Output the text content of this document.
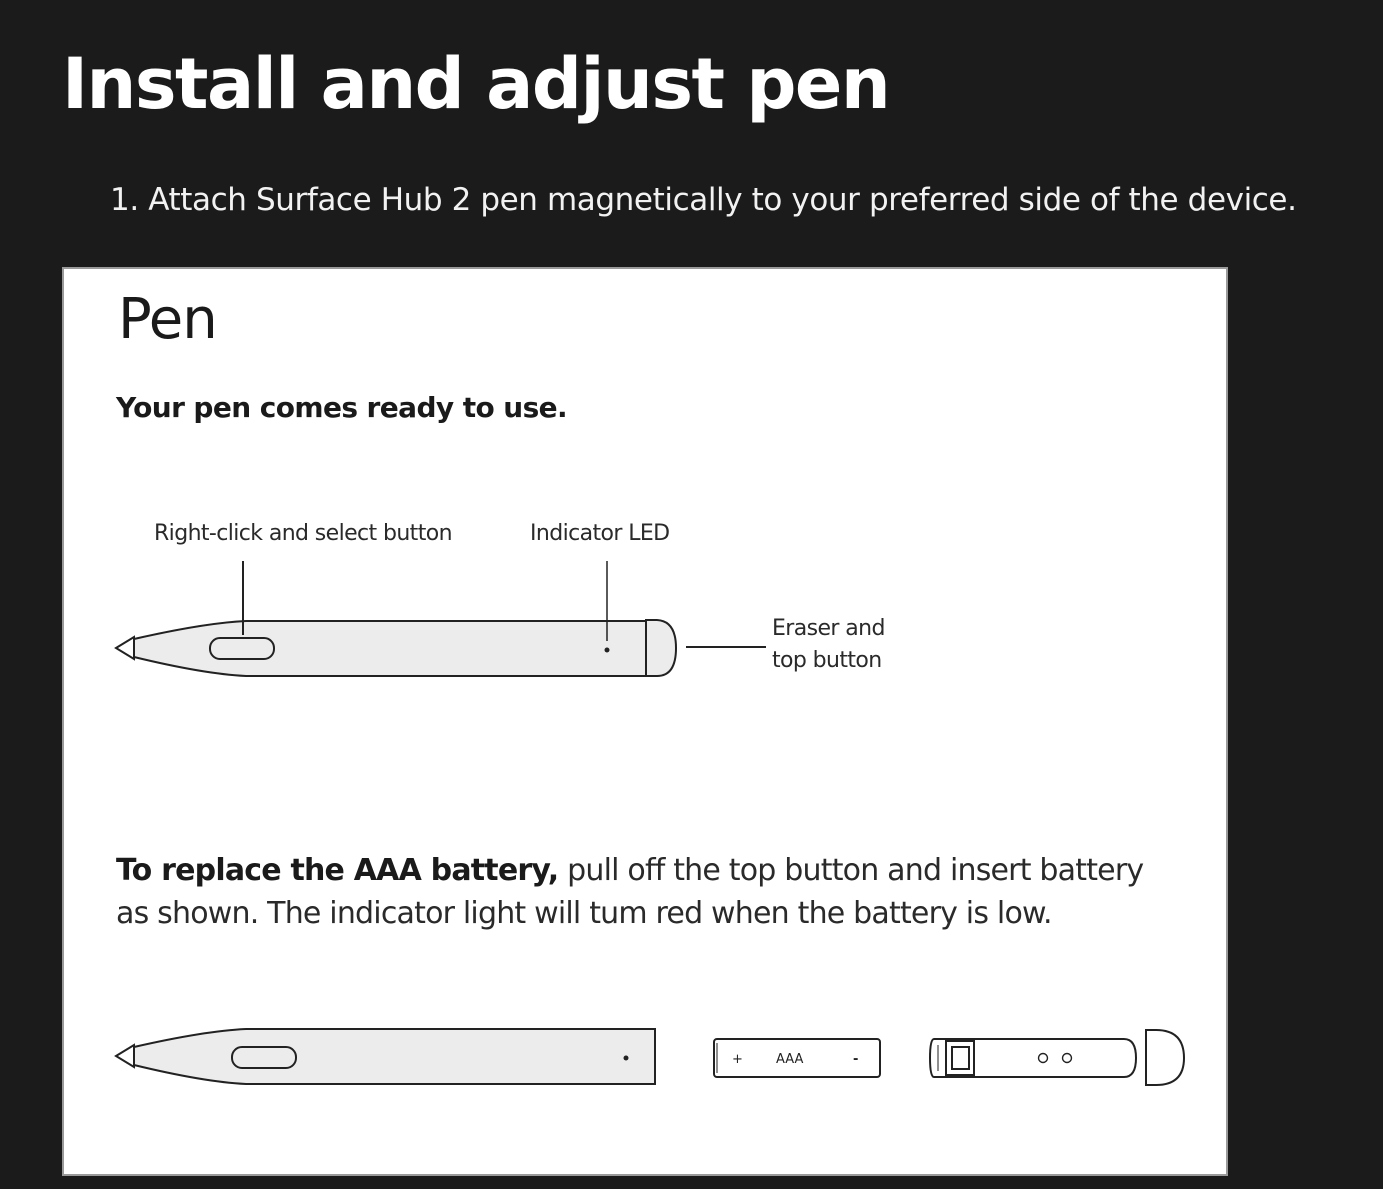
Install and adjust pen
1. Attach Surface Hub 2 pen magnetically to your preferred side of the device.
+	AAA	-
Pen
Your pen comes ready to use.
Right-click and select button	Indicator LED
Eraser and
top button
To replace the AAA battery, pull off the top button and insert battery as shown. The indicator light will tum red when the battery is low.
